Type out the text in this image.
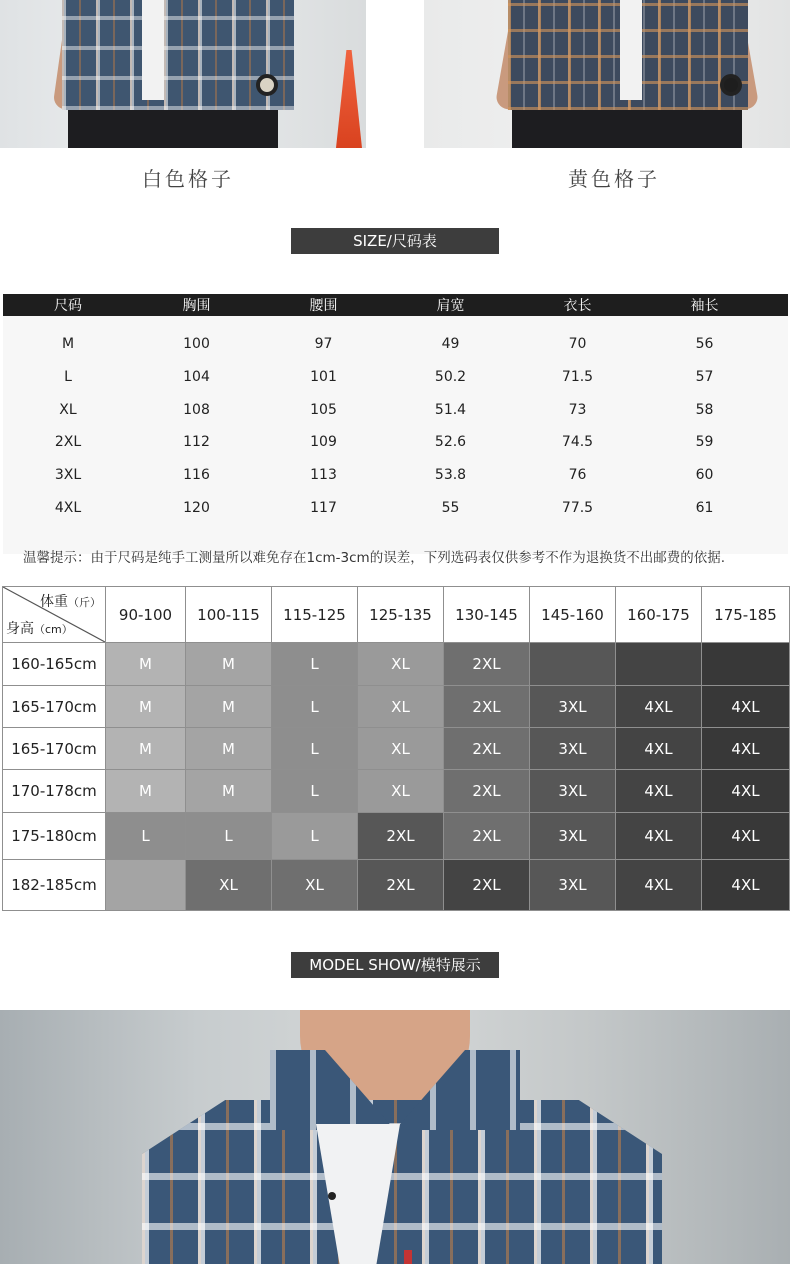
白色格子	黄色格子
SIZE/尺码表
尺码	胸围	腰围	肩宽	衣长	袖长
M	100	97	49	70	56
L	104	101	50.2	71.5	57
XL	108	105	51.4	73	58
2XL	112	109	52.6	74.5	59
3XL	116	113	53.8	76	60
4XL	120	117	55	77.5	61
温馨提示：由于尺码是纯手工测量所以难免存在1cm-3cm的误差，下列选码表仅供参考不作为退换货不出邮费的依据.
体重（斤）
身高（cm）	90-100	100-115	115-125	125-135	130-145	145-160	160-175	175-185
160-165cm	M	M	L	XL	2XL			
165-170cm	M	M	L	XL	2XL	3XL	4XL	4XL
165-170cm	M	M	L	XL	2XL	3XL	4XL	4XL
170-178cm	M	M	L	XL	2XL	3XL	4XL	4XL
175-180cm	L	L	L	2XL	2XL	3XL	4XL	4XL
182-185cm		XL	XL	2XL	2XL	3XL	4XL	4XL
MODEL SHOW/模特展示
